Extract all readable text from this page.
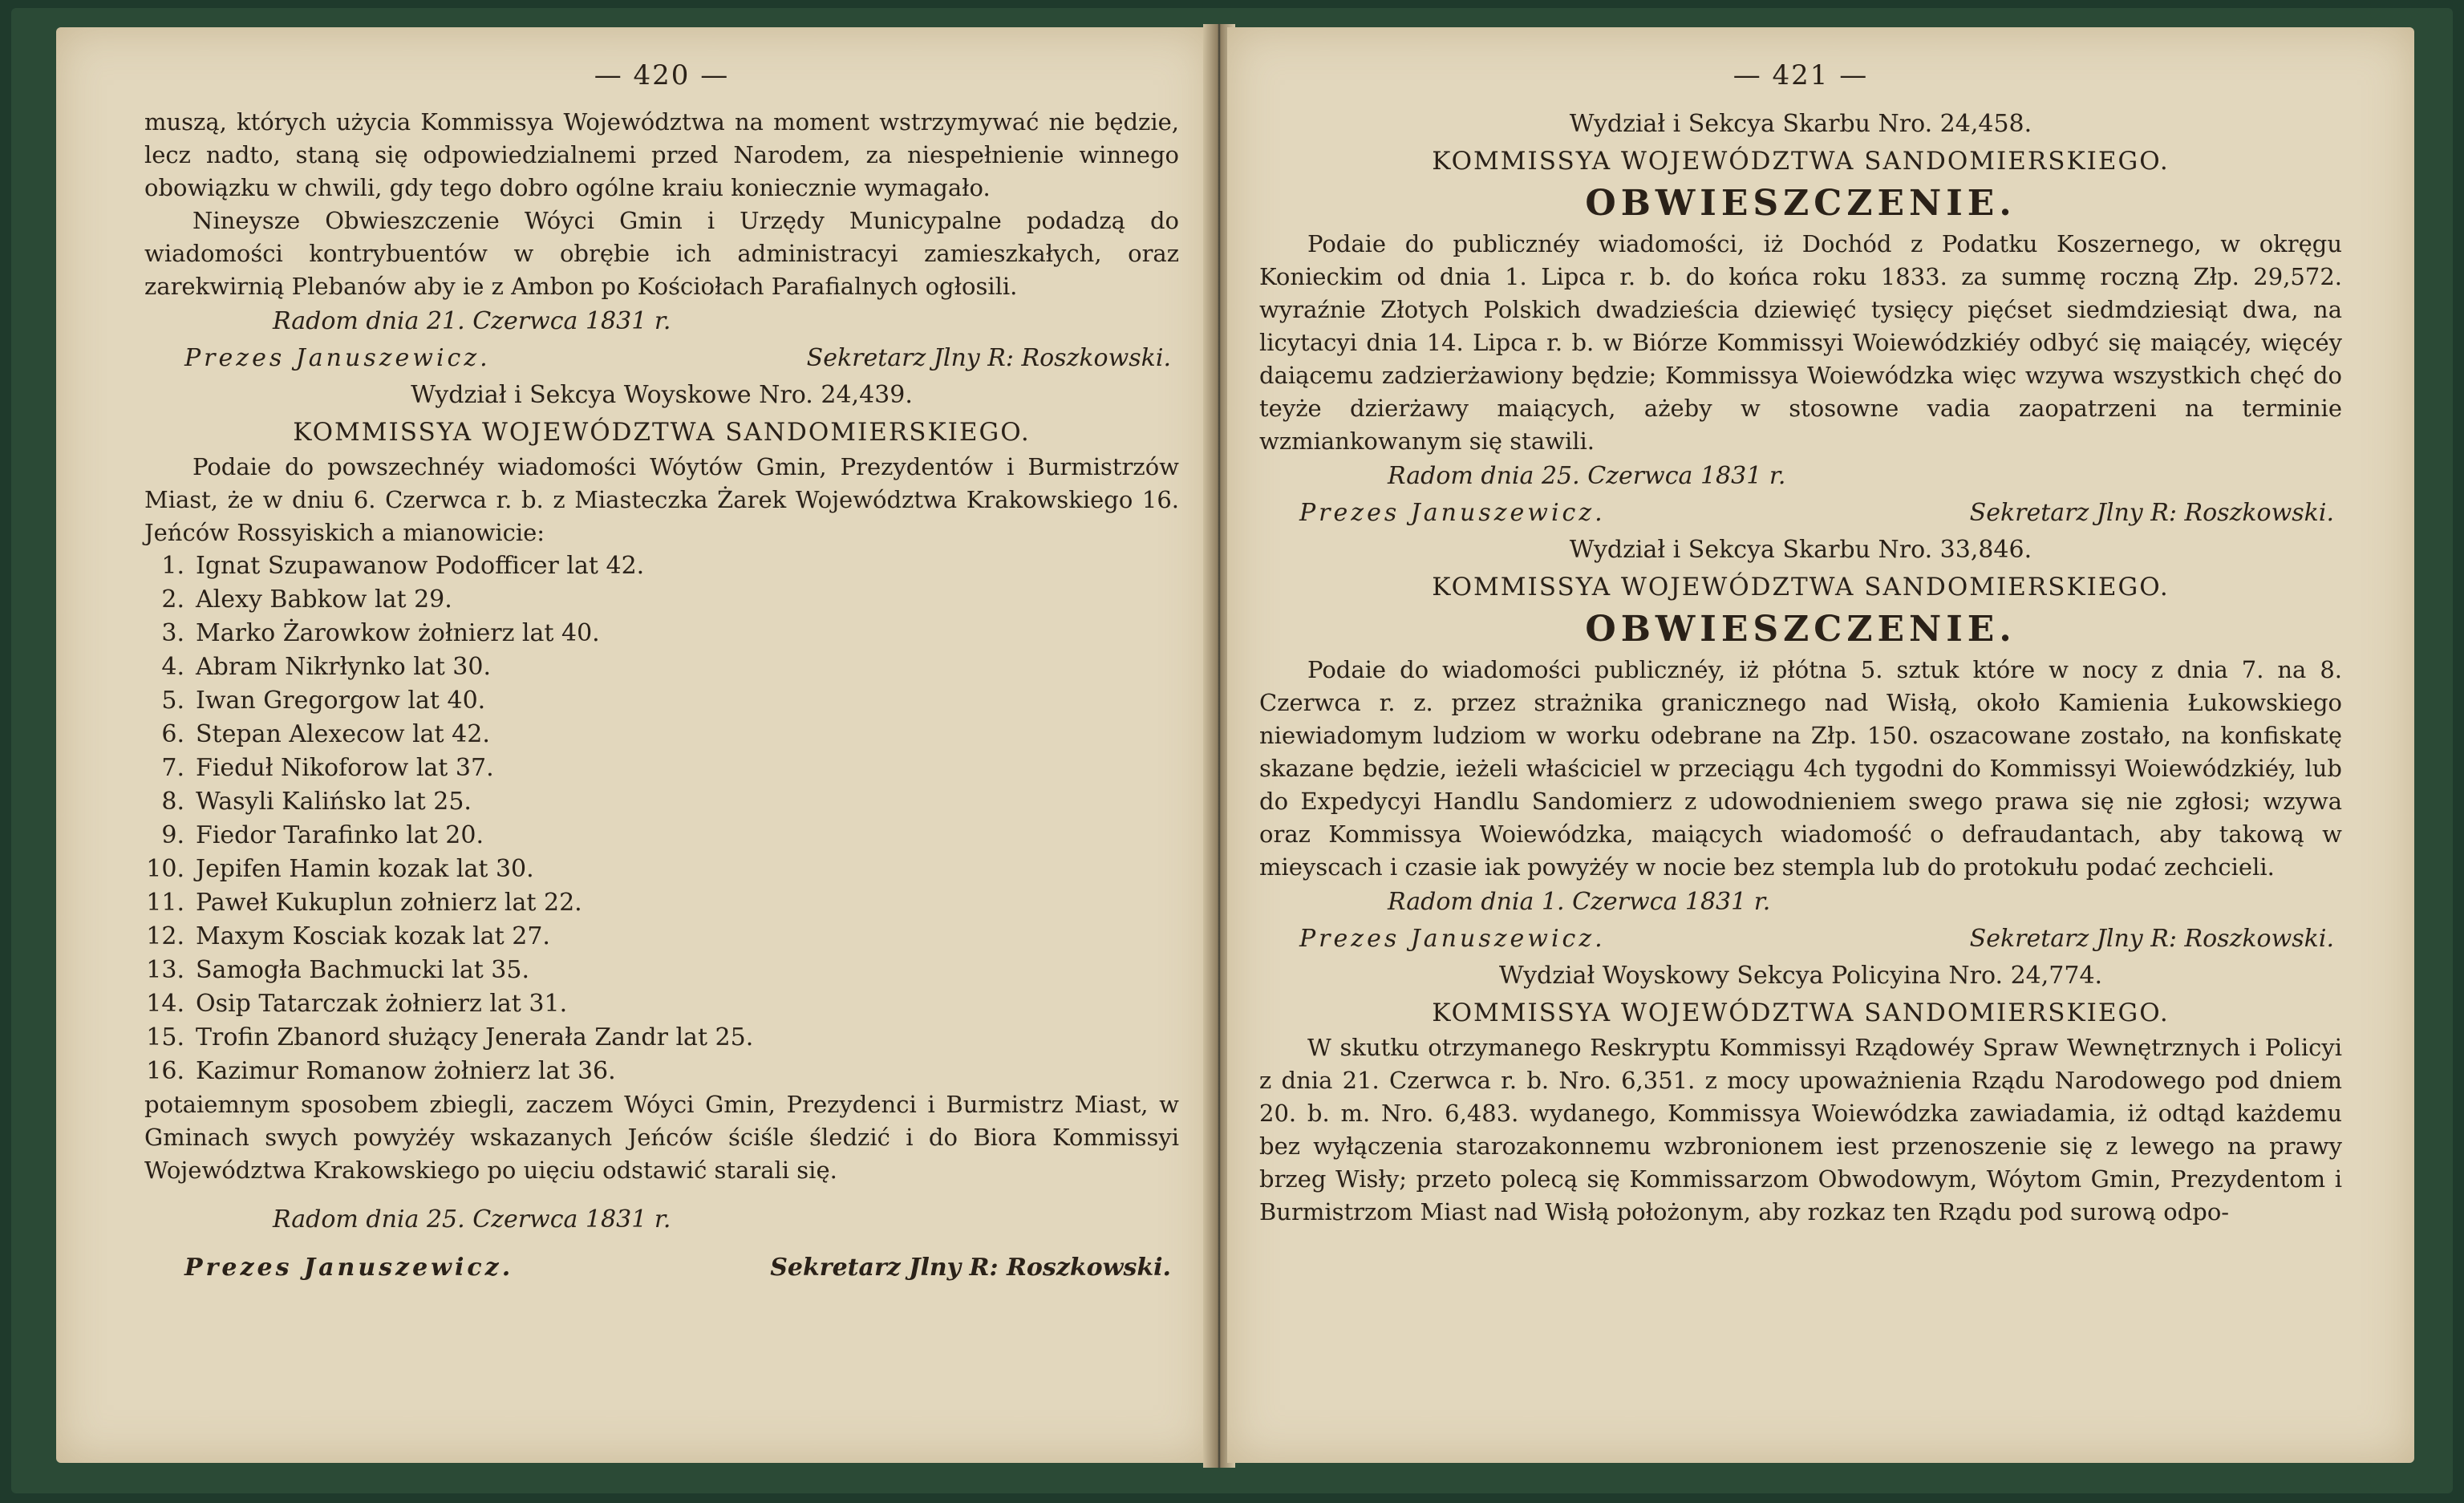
— 420 —

muszą, których użycia Kommissya Województwa na moment wstrzymywać nie będzie, lecz nadto, staną się odpowiedzialnemi przed Narodem, za niespełnienie winnego obowiązku w chwili, gdy tego dobro ogólne kraiu koniecznie wymagało.

Nineysze Obwieszczenie Wóyci Gmin i Urzędy Municypalne podadzą do wiadomości kontrybuentów w obrębie ich administracyi zamieszkałych, oraz zarekwirnią Plebanów aby ie z Ambon po Kościołach Parafialnych ogłosili.

Radom dnia 21. Czerwca 1831 r.
Prezes Januszewicz.	Sekretarz Jlny R: Roszkowski.
Wydział i Sekcya Woyskowe Nro. 24,439.
KOMMISSYA WOJEWÓDZTWA SANDOMIERSKIEGO.

Podaie do powszechnéy wiadomości Wóytów Gmin, Prezydentów i Burmistrzów Miast, że w dniu 6. Czerwca r. b. z Miasteczka Żarek Województwa Krakowskiego 16. Jeńców Rossyiskich a mianowicie:

1. Ignat Szupawanow Podofficer lat 42.
2. Alexy Babkow lat 29.
3. Marko Żarowkow żołnierz lat 40.
4. Abram Nikrłynko lat 30.
5. Iwan Gregorgow lat 40.
6. Stepan Alexecow lat 42.
7. Fieduł Nikoforow lat 37.
8. Wasyli Kalińsko lat 25.
9. Fiedor Tarafinko lat 20.
10. Jepifen Hamin kozak lat 30.
11. Paweł Kukuplun zołnierz lat 22.
12. Maxym Kosciak kozak lat 27.
13. Samogła Bachmucki lat 35.
14. Osip Tatarczak żołnierz lat 31.
15. Trofin Zbanord służący Jenerała Zandr lat 25.
16. Kazimur Romanow żołnierz lat 36.

potaiemnym sposobem zbiegli, zaczem Wóyci Gmin, Prezydenci i Burmistrz Miast, w Gminach swych powyżéy wskazanych Jeńców ściśle śledzić i do Biora Kommissyi Województwa Krakowskiego po uięciu odstawić starali się.

Radom dnia 25. Czerwca 1831 r.
Prezes Januszewicz.	Sekretarz Jlny R: Roszkowski.
— 421 —
Wydział i Sekcya Skarbu Nro. 24,458.
KOMMISSYA WOJEWÓDZTWA SANDOMIERSKIEGO.
OBWIESZCZENIE.

Podaie do publicznéy wiadomości, iż Dochód z Podatku Koszernego, w okręgu Konieckim od dnia 1. Lipca r. b. do końca roku 1833. za summę roczną Złp. 29,572. wyraźnie Złotych Polskich dwadzieścia dziewięć tysięcy pięćset siedmdziesiąt dwa, na licytacyi dnia 14. Lipca r. b. w Biórze Kommissyi Woiewódzkiéy odbyć się maiącéy, więcéy daiącemu zadzierżawiony będzie; Kommissya Woiewódzka więc wzywa wszystkich chęć do teyże dzierżawy maiących, ażeby w stosowne vadia zaopatrzeni na terminie wzmiankowanym się stawili.

Radom dnia 25. Czerwca 1831 r.
Prezes Januszewicz.	Sekretarz Jlny R: Roszkowski.
Wydział i Sekcya Skarbu Nro. 33,846.
KOMMISSYA WOJEWÓDZTWA SANDOMIERSKIEGO.
OBWIESZCZENIE.

Podaie do wiadomości publicznéy, iż płótna 5. sztuk które w nocy z dnia 7. na 8. Czerwca r. z. przez strażnika granicznego nad Wisłą, około Kamienia Łukowskiego niewiadomym ludziom w worku odebrane na Złp. 150. oszacowane zostało, na konfiskatę skazane będzie, ieżeli właściciel w przeciągu 4ch tygodni do Kommissyi Woiewódzkiéy, lub do Expedycyi Handlu Sandomierz z udowodnieniem swego prawa się nie zgłosi; wzywa oraz Kommissya Woiewódzka, maiących wiadomość o defraudantach, aby takową w mieyscach i czasie iak powyżéy w nocie bez stempla lub do protokułu podać zechcieli.

Radom dnia 1. Czerwca 1831 r.
Prezes Januszewicz.	Sekretarz Jlny R: Roszkowski.
Wydział Woyskowy Sekcya Policyina Nro. 24,774.
KOMMISSYA WOJEWÓDZTWA SANDOMIERSKIEGO.

W skutku otrzymanego Reskryptu Kommissyi Rządowéy Spraw Wewnętrznych i Policyi z dnia 21. Czerwca r. b. Nro. 6,351. z mocy upoważnienia Rządu Narodowego pod dniem 20. b. m. Nro. 6,483. wydanego, Kommissya Woiewódzka zawiadamia, iż odtąd każdemu bez wyłączenia starozakonnemu wzbronionem iest przenoszenie się z lewego na prawy brzeg Wisły; przeto polecą się Kommissarzom Obwodowym, Wóytom Gmin, Prezydentom i Burmistrzom Miast nad Wisłą położonym, aby rozkaz ten Rządu pod surową odpo-
